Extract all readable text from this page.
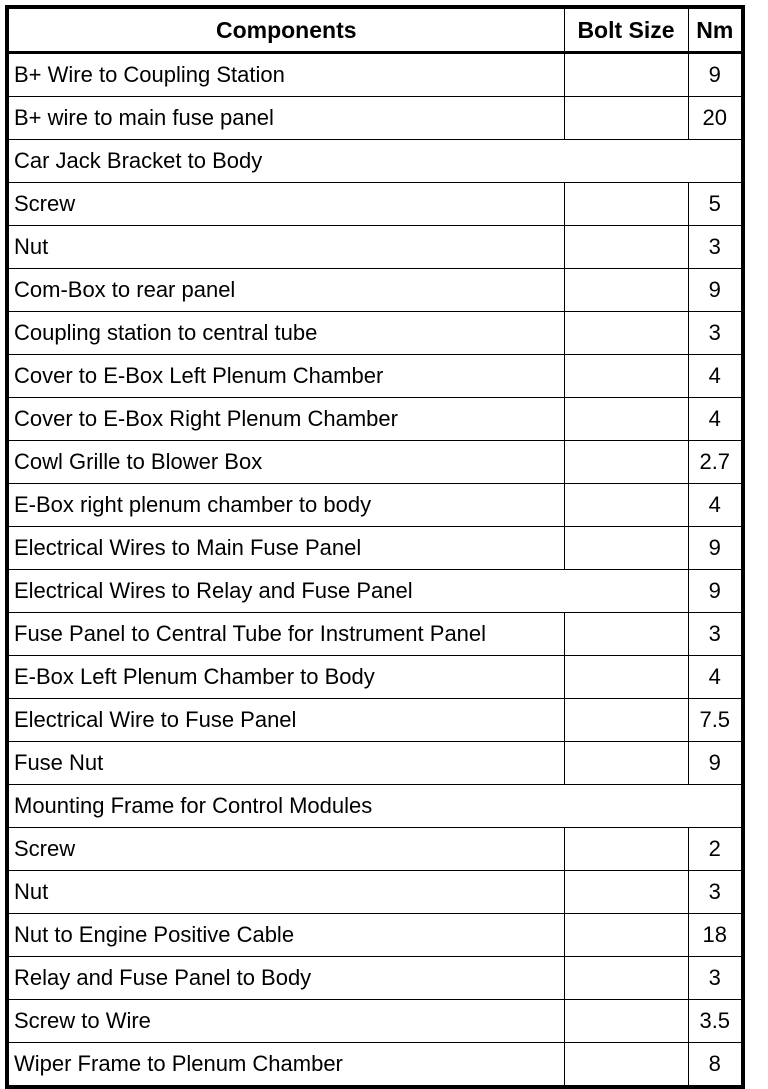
Components	Bolt Size	Nm
B+ Wire to Coupling Station		9
B+ wire to main fuse panel		20
Car Jack Bracket to Body		
Screw		5
Nut		3
Com-Box to rear panel		9
Coupling station to central tube		3
Cover to E-Box Left Plenum Chamber		4
Cover to E-Box Right Plenum Chamber		4
Cowl Grille to Blower Box		2.7
E-Box right plenum chamber to body		4
Electrical Wires to Main Fuse Panel		9
Electrical Wires to Relay and Fuse Panel		9
Fuse Panel to Central Tube for Instrument Panel		3
E-Box Left Plenum Chamber to Body		4
Electrical Wire to Fuse Panel		7.5
Fuse Nut		9
Mounting Frame for Control Modules		
Screw		2
Nut		3
Nut to Engine Positive Cable		18
Relay and Fuse Panel to Body		3
Screw to Wire		3.5
Wiper Frame to Plenum Chamber		8
